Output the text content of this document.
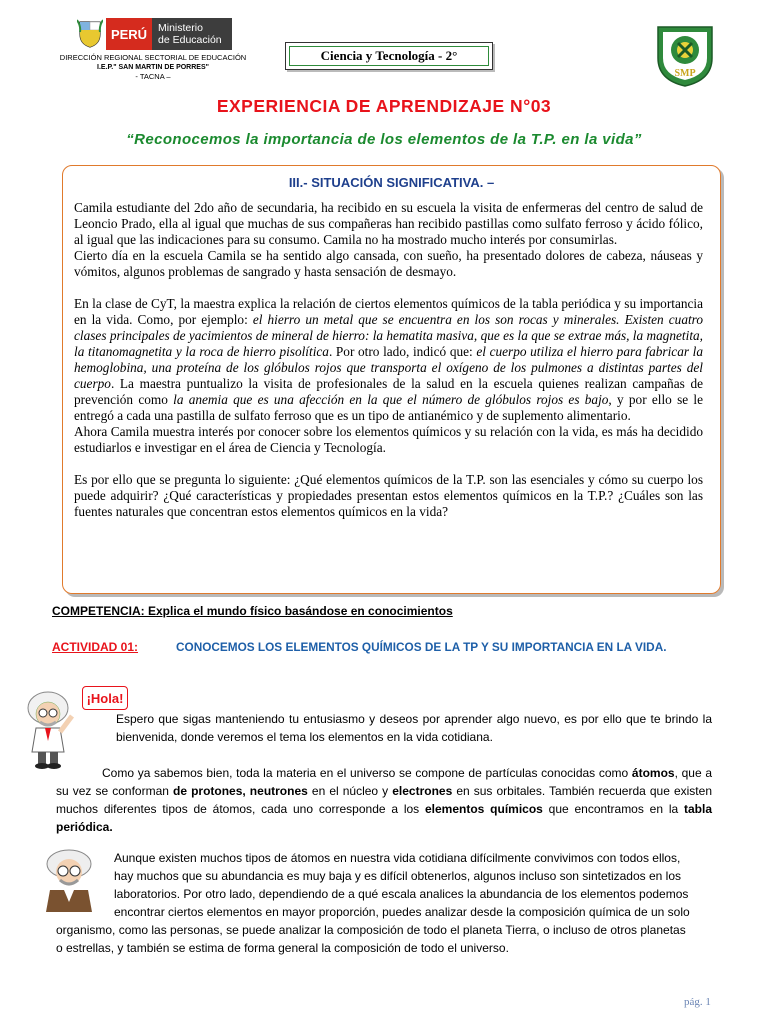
PERÚ Ministerio
de Educación
DIRECCIÓN REGIONAL SECTORIAL DE EDUCACIÓN
I.E.P." SAN MARTIN DE PORRES"
- TACNA –
Ciencia y Tecnología - 2°
SMP
EXPERIENCIA DE APRENDIZAJE N°03
“Reconocemos la importancia de los elementos de la T.P. en la vida”
III.- SITUACIÓN SIGNIFICATIVA. –

Camila estudiante del 2do año de secundaria, ha recibido en su escuela la visita de enfermeras del centro de salud de Leoncio Prado, ella al igual que muchas de sus compañeras han recibido pastillas como sulfato ferroso y ácido fólico, al igual que las indicaciones para su consumo. Camila no ha mostrado mucho interés por consumirlas.

Cierto día en la escuela Camila se ha sentido algo cansada, con sueño, ha presentado dolores de cabeza, náuseas y vómitos, algunos problemas de sangrado y hasta sensación de desmayo.

En la clase de CyT, la maestra explica la relación de ciertos elementos químicos de la tabla periódica y su importancia en la vida. Como, por ejemplo: el hierro un metal que se encuentra en los son rocas y minerales. Existen cuatro clases principales de yacimientos de mineral de hierro: la hematita masiva, que es la que se extrae más, la magnetita, la titanomagnetita y la roca de hierro pisolítica. Por otro lado, indicó que: el cuerpo utiliza el hierro para fabricar la hemoglobina, una proteína de los glóbulos rojos que transporta el oxígeno de los pulmones a distintas partes del cuerpo. La maestra puntualizo la visita de profesionales de la salud en la escuela quienes realizan campañas de prevención como la anemia que es una afección en la que el número de glóbulos rojos es bajo, y por ello se le entregó a cada una pastilla de sulfato ferroso que es un tipo de antianémico y de suplemento alimentario.

Ahora Camila muestra interés por conocer sobre los elementos químicos y su relación con la vida, es más ha decidido estudiarlos e investigar en el área de Ciencia y Tecnología.

Es por ello que se pregunta lo siguiente: ¿Qué elementos químicos de la T.P. son las esenciales y cómo su cuerpo los puede adquirir? ¿Qué características y propiedades presentan estos elementos químicos en la T.P.? ¿Cuáles son las fuentes naturales que concentran estos elementos químicos en la vida?

COMPETENCIA: Explica el mundo físico basándose en conocimientos
ACTIVIDAD 01:	CONOCEMOS LOS ELEMENTOS QUÍMICOS DE LA TP Y SU IMPORTANCIA EN LA VIDA.
¡Hola!
Espero que sigas manteniendo tu entusiasmo y deseos por aprender algo nuevo, es por ello que te brindo la bienvenida, donde veremos el tema los elementos en la vida cotidiana.
Como ya sabemos bien, toda la materia en el universo se compone de partículas conocidas como átomos, que a su vez se conforman de protones, neutrones en el núcleo y electrones en sus orbitales. También recuerda que existen muchos diferentes tipos de átomos, cada uno corresponde a los elementos químicos que encontramos en la tabla periódica.
Aunque existen muchos tipos de átomos en nuestra vida cotidiana difícilmente convivimos con todos ellos,
hay muchos que su abundancia es muy baja y es difícil obtenerlos, algunos incluso son sintetizados en los
laboratorios. Por otro lado, dependiendo de a qué escala analices la abundancia de los elementos podemos
encontrar ciertos elementos en mayor proporción, puedes analizar desde la composición química de un solo
organismo, como las personas, se puede analizar la composición de todo el planeta Tierra, o incluso de otros planetas
o estrellas, y también se estima de forma general la composición de todo el universo.
pág. 1
